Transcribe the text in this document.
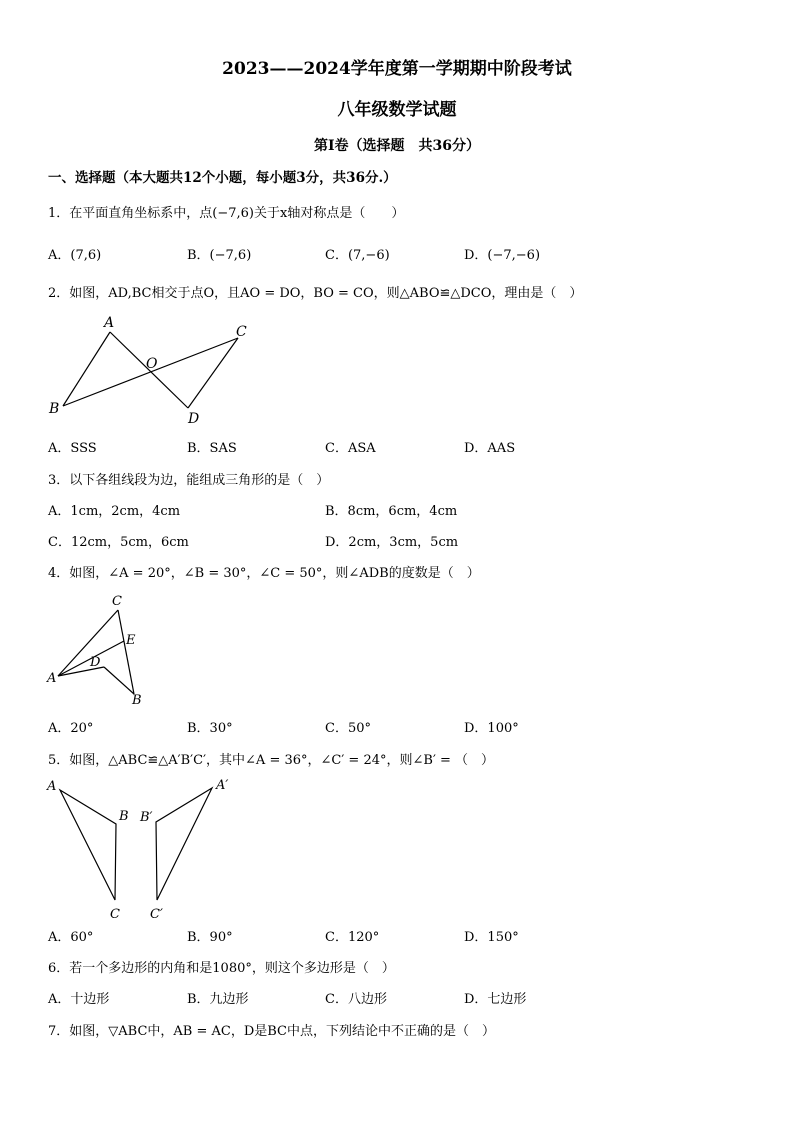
2023——2024学年度第一学期期中阶段考试
八年级数学试题
第Ⅰ卷（选择题　共36分）
一、选择题（本大题共12个小题，每小题3分，共36分.）
1．在平面直角坐标系中，点(−7,6)关于x轴对称点是（　　）
A．(7,6)	B．(−7,6)	C．(7,−6)	D．(−7,−6)
2．如图，AD,BC相交于点O，且AO = DO，BO = CO，则△ABO≌△DCO，理由是（　）
A
B
C
D
O
A．SSS	B．SAS	C．ASA	D．AAS
3．以下各组线段为边，能组成三角形的是（　）
A．1cm，2cm，4cm	B．8cm，6cm，4cm
C．12cm，5cm，6cm	D．2cm，3cm，5cm
4．如图，∠A = 20°，∠B = 30°，∠C = 50°，则∠ADB的度数是（　）
C
E
D
A
B
A．20°	B．30°	C．50°	D．100°
5．如图，△ABC≌△A′B′C′，其中∠A = 36°，∠C′ = 24°，则∠B′ = （　）
A
B
C
A′
B′
C′
A．60°	B．90°	C．120°	D．150°
6．若一个多边形的内角和是1080°，则这个多边形是（　）
A．十边形	B．九边形	C．八边形	D．七边形
7．如图，▽ABC中，AB = AC，D是BC中点，下列结论中不正确的是（　）
